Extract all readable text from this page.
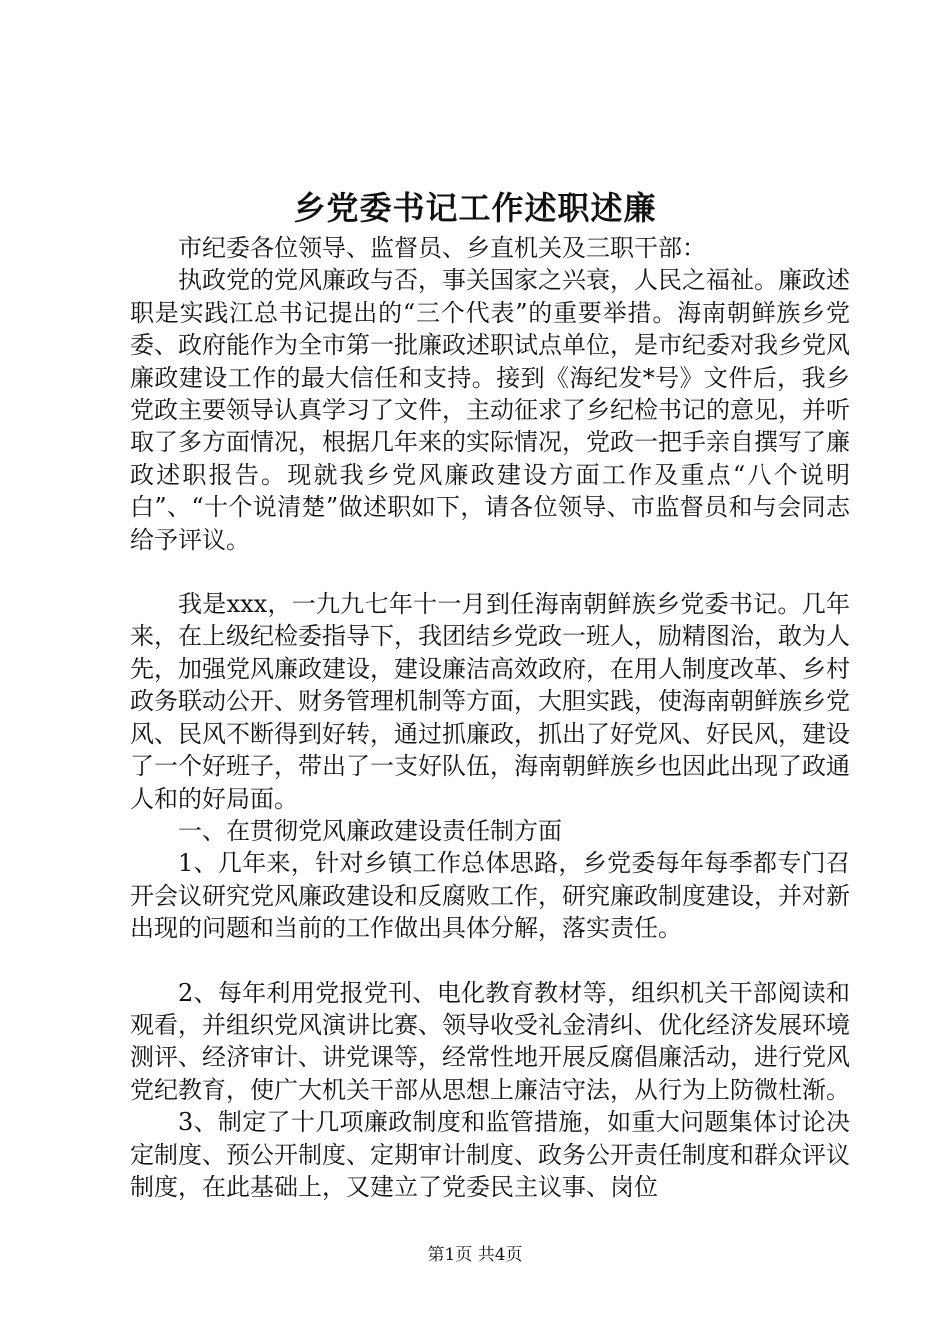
乡党委书记工作述职述廉

市纪委各位领导、监督员、乡直机关及三职干部：

执政党的党风廉政与否，事关国家之兴衰，人民之福祉。廉政述职是实践江总书记提出的“三个代表”的重要举措。海南朝鲜族乡党委、政府能作为全市第一批廉政述职试点单位，是市纪委对我乡党风廉政建设工作的最大信任和支持。接到《海纪发*号》文件后，我乡党政主要领导认真学习了文件，主动征求了乡纪检书记的意见，并听取了多方面情况，根据几年来的实际情况，党政一把手亲自撰写了廉政述职报告。现就我乡党风廉政建设方面工作及重点“八个说明白”、“十个说清楚”做述职如下，请各位领导、市监督员和与会同志给予评议。

我是xxx，一九九七年十一月到任海南朝鲜族乡党委书记。几年来，在上级纪检委指导下，我团结乡党政一班人，励精图治，敢为人先，加强党风廉政建设，建设廉洁高效政府，在用人制度改革、乡村政务联动公开、财务管理机制等方面，大胆实践，使海南朝鲜族乡党风、民风不断得到好转，通过抓廉政，抓出了好党风、好民风，建设了一个好班子，带出了一支好队伍，海南朝鲜族乡也因此出现了政通人和的好局面。

一、在贯彻党风廉政建设责任制方面

1、几年来，针对乡镇工作总体思路，乡党委每年每季都专门召开会议研究党风廉政建设和反腐败工作，研究廉政制度建设，并对新出现的问题和当前的工作做出具体分解，落实责任。

2、每年利用党报党刊、电化教育教材等，组织机关干部阅读和观看，并组织党风演讲比赛、领导收受礼金清纠、优化经济发展环境测评、经济审计、讲党课等，经常性地开展反腐倡廉活动，进行党风党纪教育，使广大机关干部从思想上廉洁守法，从行为上防微杜渐。

3、制定了十几项廉政制度和监管措施，如重大问题集体讨论决定制度、预公开制度、定期审计制度、政务公开责任制度和群众评议制度，在此基础上，又建立了党委民主议事、岗位

第1页 共4页
